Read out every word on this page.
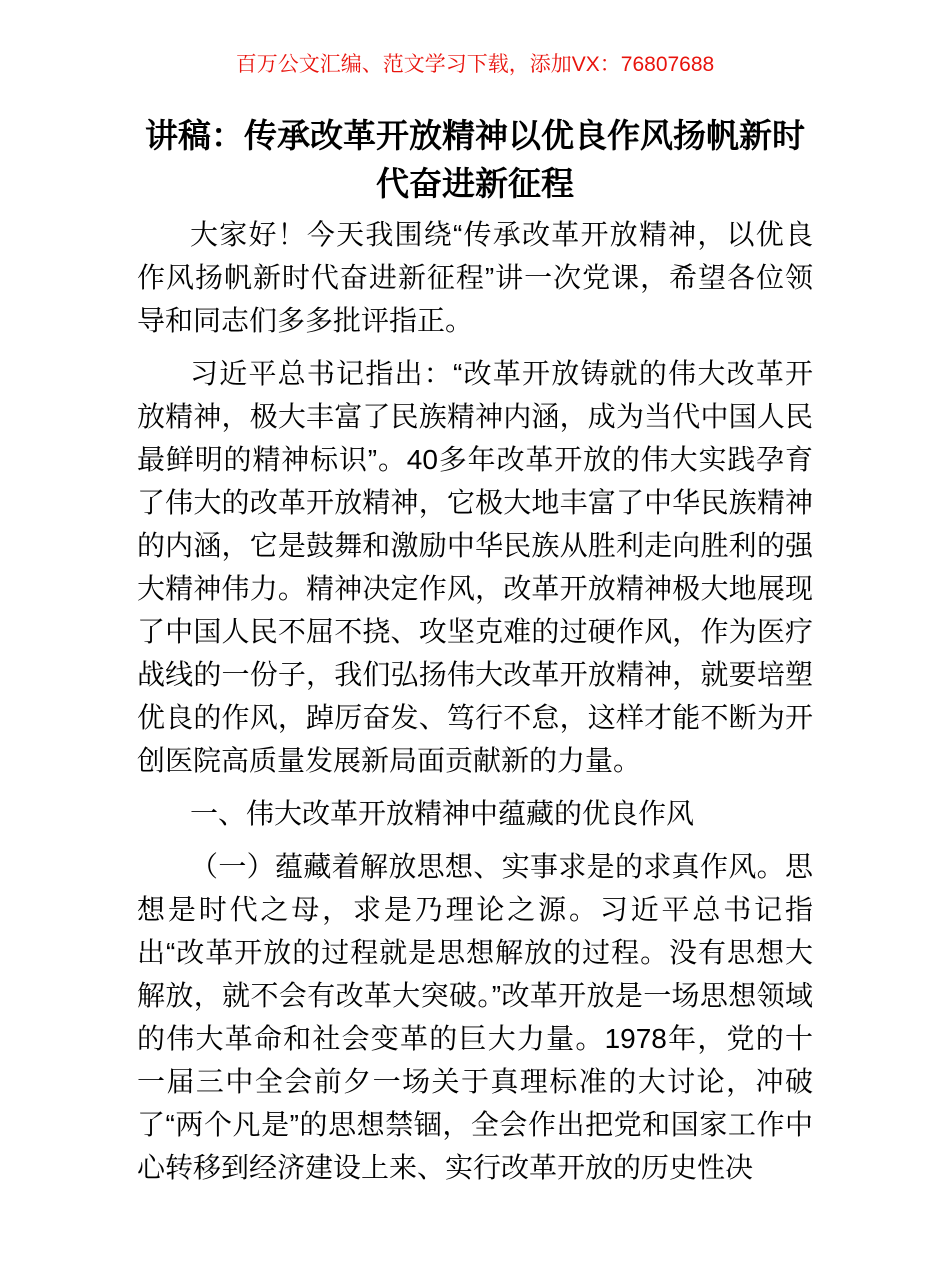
百万公文汇编、范文学习下载，添加VX：76807688
讲稿：传承改革开放精神以优良作风扬帆新时
代奋进新征程

大家好！今天我围绕“传承改革开放精神，以优良作风扬帆新时代奋进新征程”讲一次党课，希望各位领导和同志们多多批评指正。

习近平总书记指出：“改革开放铸就的伟大改革开放精神，极大丰富了民族精神内涵，成为当代中国人民最鲜明的精神标识”。40多年改革开放的伟大实践孕育了伟大的改革开放精神，它极大地丰富了中华民族精神的内涵，它是鼓舞和激励中华民族从胜利走向胜利的强大精神伟力。精神决定作风，改革开放精神极大地展现了中国人民不屈不挠、攻坚克难的过硬作风，作为医疗战线的一份子，我们弘扬伟大改革开放精神，就要培塑优良的作风，踔厉奋发、笃行不怠，这样才能不断为开创医院高质量发展新局面贡献新的力量。

一、伟大改革开放精神中蕴藏的优良作风

（一）蕴藏着解放思想、实事求是的求真作风。思想是时代之母，求是乃理论之源。习近平总书记指出“改革开放的过程就是思想解放的过程。没有思想大解放，就不会有改革大突破。”改革开放是一场思想领域的伟大革命和社会变革的巨大力量。1978年，党的十一届三中全会前夕一场关于真理标准的大讨论，冲破了“两个凡是”的思想禁锢，全会作出把党和国家工作中心转移到经济建设上来、实行改革开放的历史性决
